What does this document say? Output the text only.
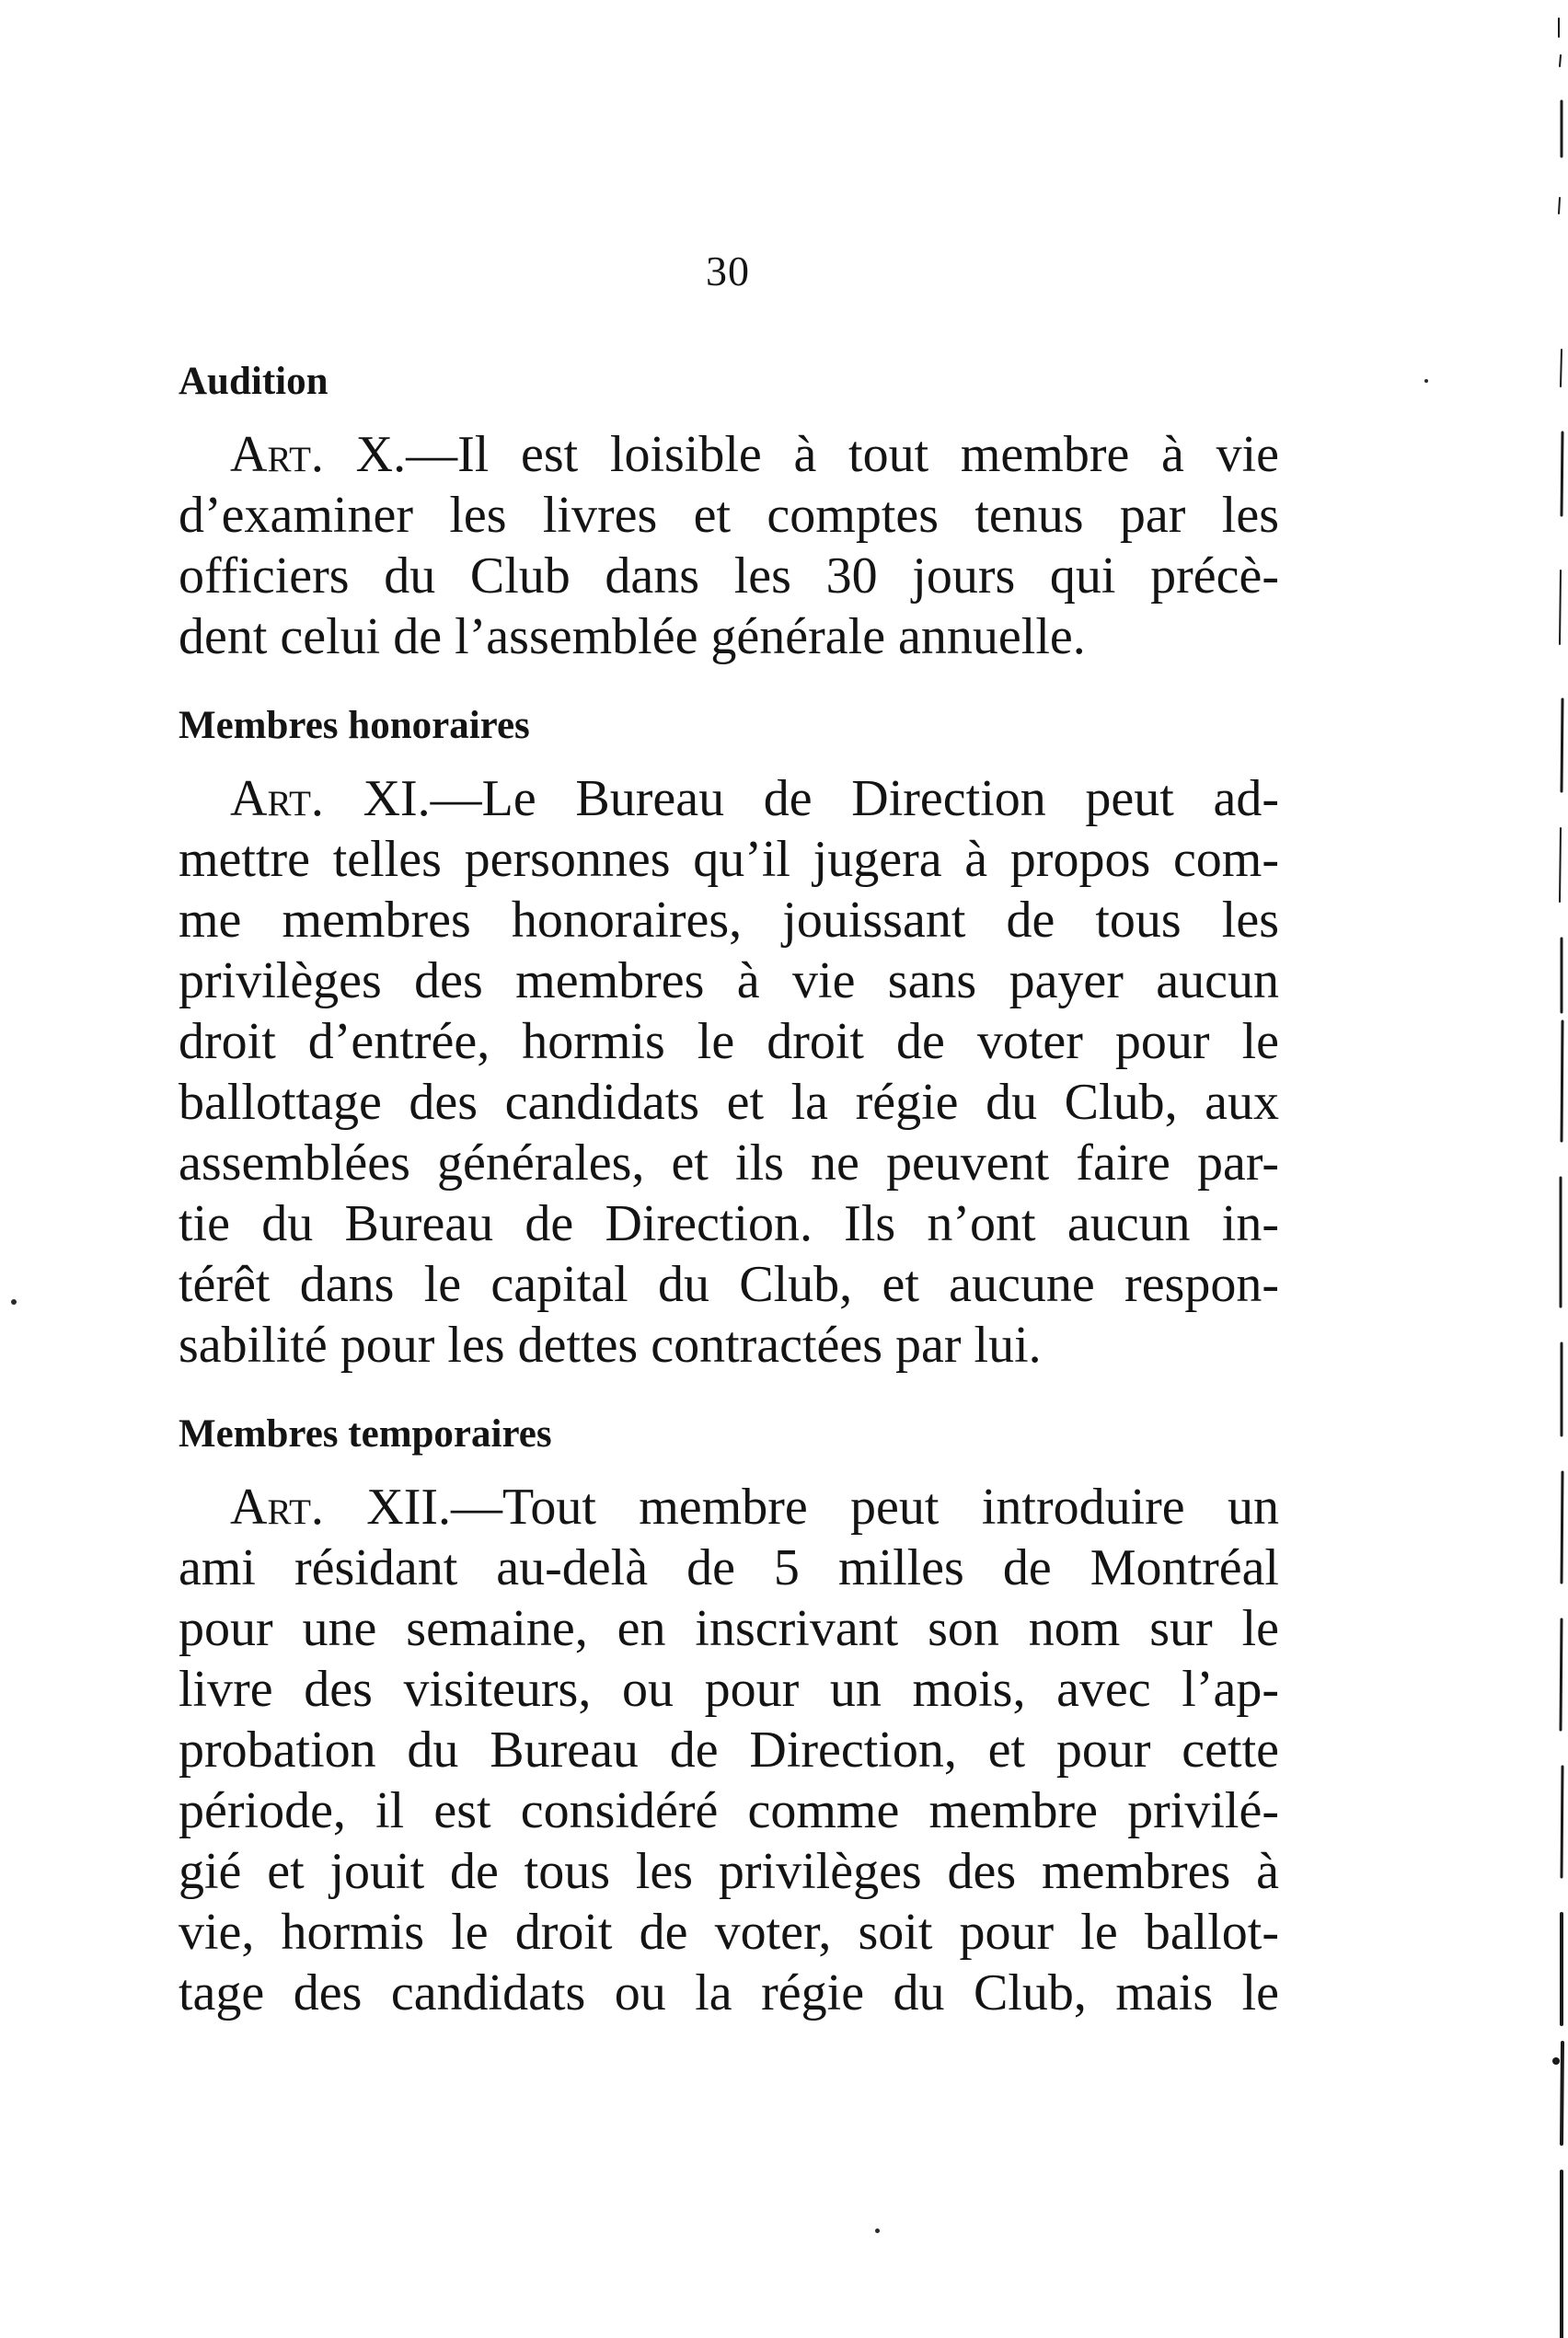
30
Audition
Art. X.—Il est loisible à tout membre à vie
d’examiner les livres et comptes tenus par les
officiers du Club dans les 30 jours qui précè-
dent celui de l’assemblée générale annuelle.
Membres honoraires
Art. XI.—Le Bureau de Direction peut ad-
mettre telles personnes qu’il jugera à propos com-
me membres honoraires, jouissant de tous les
privilèges des membres à vie sans payer aucun
droit d’entrée, hormis le droit de voter pour le
ballottage des candidats et la régie du Club, aux
assemblées générales, et ils ne peuvent faire par-
tie du Bureau de Direction. Ils n’ont aucun in-
térêt dans le capital du Club, et aucune respon-
sabilité pour les dettes contractées par lui.
Membres temporaires
Art. XII.—Tout membre peut introduire un
ami résidant au-delà de 5 milles de Montréal
pour une semaine, en inscrivant son nom sur le
livre des visiteurs, ou pour un mois, avec l’ap-
probation du Bureau de Direction, et pour cette
période, il est considéré comme membre privilé-
gié et jouit de tous les privilèges des membres à
vie, hormis le droit de voter, soit pour le ballot-
tage des candidats ou la régie du Club, mais le
